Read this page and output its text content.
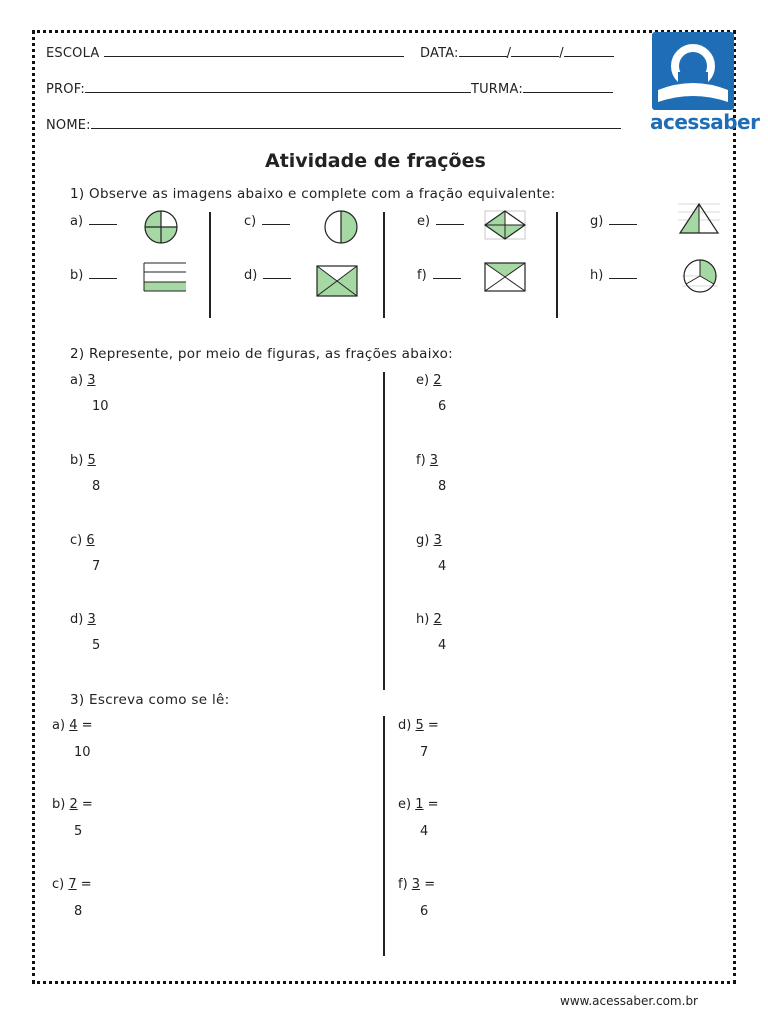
ESCOLA	DATA:	/	/
PROF:	TURMA:
NOME:	acessaber
Atividade de frações
1) Observe as imagens abaixo e complete com a fração equivalente:
a)
b)
c)
d)
e)
f)
g)
h)
2) Represente, por meio de figuras, as frações abaixo:
a) 3
10
b) 5
8
c) 6
7
d) 3
5
e) 2
6
f) 3
8
g) 3
4
h) 2
4
3) Escreva como se lê:
a) 4 =
10
b) 2 =
5
c) 7 =
8
d) 5 =
7
e) 1 =
4
f) 3 =
6
www.acessaber.com.br
